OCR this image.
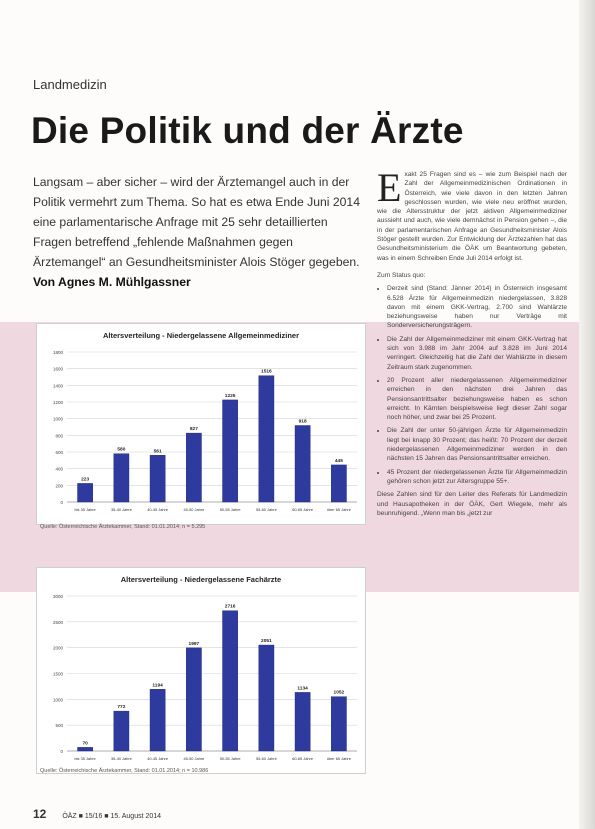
Landmedizin
Die Politik und der Ärzte
Langsam – aber sicher – wird der Ärztemangel auch in der Politik vermehrt zum Thema. So hat es etwa Ende Juni 2014 eine parlamentarische Anfrage mit 25 sehr detaillierten Fragen betreffend „fehlende Maßnahmen gegen Ärztemangel“ an Gesundheitsminister Alois Stöger gegeben. Von Agnes M. Mühlgassner
Altersverteilung - Niedergelassene Allgemeinmediziner
1800
1600
1400
1200
1000
800
600
400
200
0
223
bis 35 Jahre
580
35-40 Jahre
561
40-45 Jahre
827
45-50 Jahre
1225
50-55 Jahre
1516
55-60 Jahre
918
60-65 Jahre
445
über 65 Jahre
Quelle: Österreichische Ärztekammer, Stand: 01.01.2014; n = 5.295
Altersverteilung - Niedergelassene Fachärzte
3000
2500
2000
1500
1000
500
0
70
bis 35 Jahre
772
35-40 Jahre
1194
40-45 Jahre
1997
45-50 Jahre
2716
50-55 Jahre
2051
55-60 Jahre
1134
60-65 Jahre
1052
über 65 Jahre
Quelle: Österreichische Ärztekammer, Stand: 01.01.2014; n = 10.986

Exakt 25 Fragen sind es – wie zum Beispiel nach der Zahl der Allgemeinmedizinischen Ordinationen in Österreich, wie viele davon in den letzten Jahren geschlossen wurden, wie viele neu eröffnet wurden, wie die Altersstruktur der jetzt aktiven Allgemeinmediziner aussieht und auch, wie viele demnächst in Pension gehen –, die in der parlamentarischen Anfrage an Gesundheitsminister Alois Stöger gestellt wurden. Zur Entwicklung der Ärztezahlen hat das Gesundheitsministerium die ÖÄK um Beantwortung gebeten, was in einem Schreiben Ende Juli 2014 erfolgt ist.

Zum Status quo:
• Derzeit sind (Stand: Jänner 2014) in Österreich insgesamt 6.528 Ärzte für Allgemeinmedizin niedergelassen, 3.828 davon mit einem GKK-Vertrag, 2.700 sind Wahlärzte beziehungsweise haben nur Verträge mit Sonderversicherungsträgern.
• Die Zahl der Allgemeinmediziner mit einem GKK-Vertrag hat sich von 3.988 im Jahr 2004 auf 3.828 im Juni 2014 verringert. Gleichzeitig hat die Zahl der Wahlärzte in diesem Zeitraum stark zugenommen.
• 20 Prozent aller niedergelassenen Allgemeinmediziner erreichen in den nächsten drei Jahren das Pensionsantrittsalter beziehungsweise haben es schon erreicht. In Kärnten beispielsweise liegt dieser Zahl sogar noch höher, und zwar bei 25 Prozent.
• Die Zahl der unter 50-jährigen Ärzte für Allgemeinmedizin liegt bei knapp 30 Prozent; das heißt: 70 Prozent der derzeit niedergelassenen Allgemeinmediziner werden in den nächsten 15 Jahren das Pensionsantrittsalter erreichen.
• 45 Prozent der niedergelassenen Ärzte für Allgemeinmedizin gehören schon jetzt zur Altersgruppe 55+.

Diese Zahlen sind für den Leiter des Referats für Landmedizin und Hausapotheken in der ÖÄK, Gert Wiegele, mehr als beunruhigend. „Wenn man bis „jetzt zur

12 ÖÄZ ■ 15/16 ■ 15. August 2014
